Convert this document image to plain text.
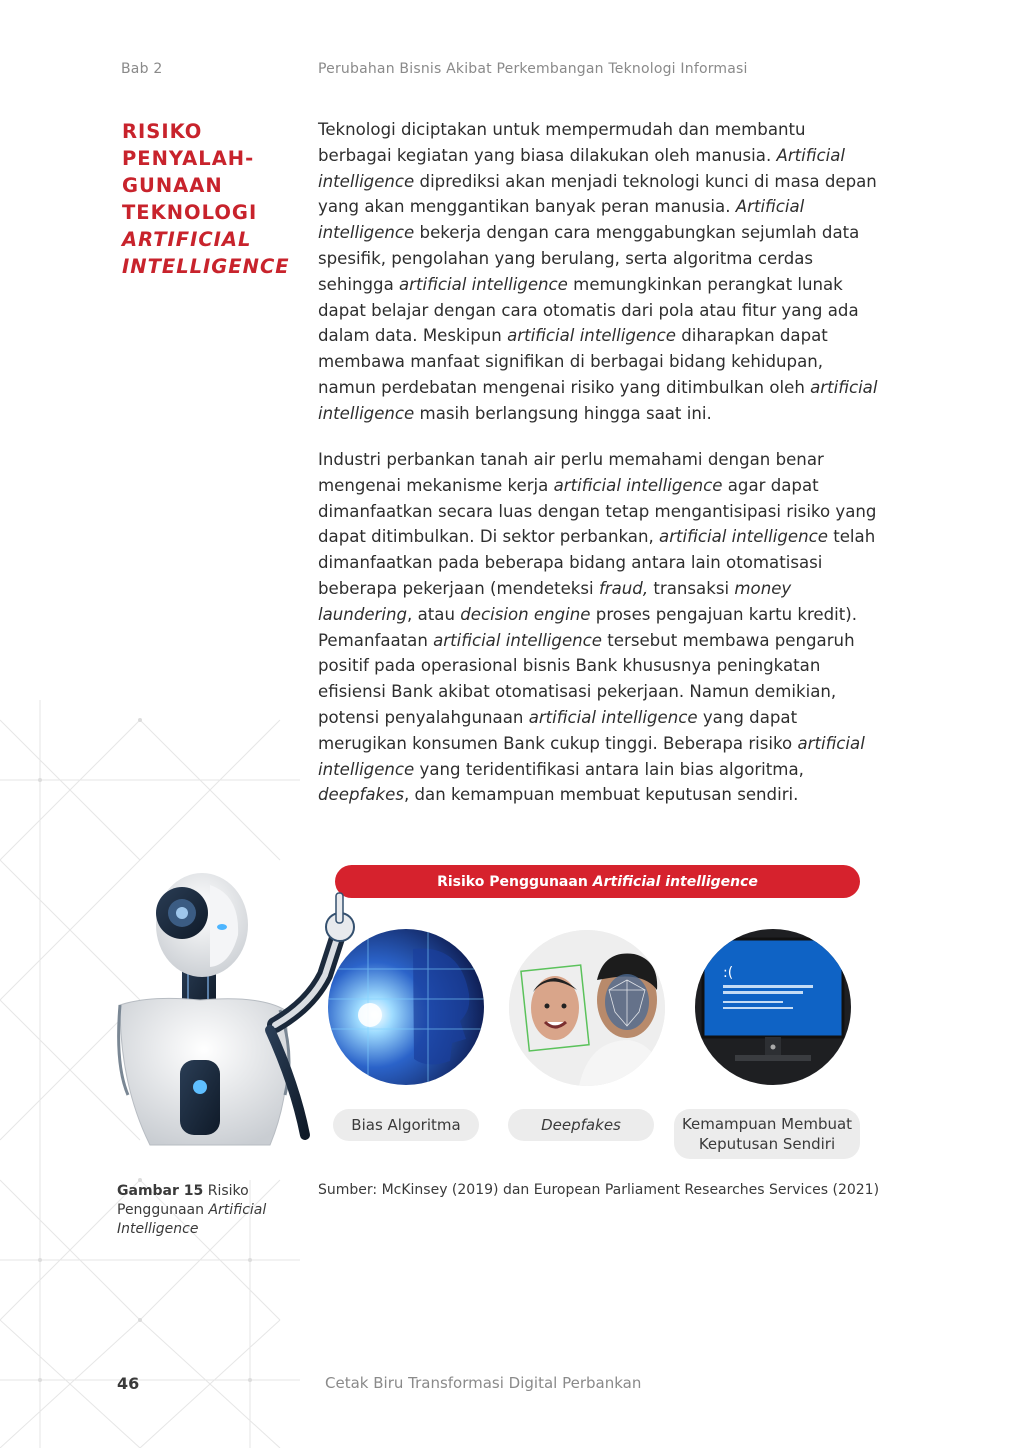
Bab 2	Perubahan Bisnis Akibat Perkembangan Teknologi Informasi
RISIKO
PENYALAH-
GUNAAN
TEKNOLOGI
ARTIFICIAL
INTELLIGENCE

Teknologi diciptakan untuk mempermudah dan membantu berbagai kegiatan yang biasa dilakukan oleh manusia. Artificial intelligence diprediksi akan menjadi teknologi kunci di masa depan yang akan menggantikan banyak peran manusia. Artificial intelligence bekerja dengan cara menggabungkan sejumlah data spesifik, pengolahan yang berulang, serta algoritma cerdas sehingga artificial intelligence memungkinkan perangkat lunak dapat belajar dengan cara otomatis dari pola atau fitur yang ada dalam data. Meskipun artificial intelligence diharapkan dapat membawa manfaat signifikan di berbagai bidang kehidupan, namun perdebatan mengenai risiko yang ditimbulkan oleh artificial intelligence masih berlangsung hingga saat ini.

Industri perbankan tanah air perlu memahami dengan benar mengenai mekanisme kerja artificial intelligence agar dapat dimanfaatkan secara luas dengan tetap mengantisipasi risiko yang dapat ditimbulkan. Di sektor perbankan, artificial intelligence telah dimanfaatkan pada beberapa bidang antara lain otomatisasi beberapa pekerjaan (mendeteksi fraud, transaksi money laundering, atau decision engine proses pengajuan kartu kredit). Pemanfaatan artificial intelligence tersebut membawa pengaruh positif pada operasional bisnis Bank khususnya peningkatan efisiensi Bank akibat otomatisasi pekerjaan. Namun demikian, potensi penyalahgunaan artificial intelligence yang dapat merugikan konsumen Bank cukup tinggi. Beberapa risiko artificial intelligence yang teridentifikasi antara lain bias algoritma, deepfakes, dan kemampuan membuat keputusan sendiri.

Risiko Penggunaan Artificial intelligence
:(
Bias Algoritma	Deepfakes	Kemampuan Membuat
Keputusan Sendiri
Gambar 15 Risiko Penggunaan Artificial Intelligence
Sumber: McKinsey (2019) dan European Parliament Researches Services (2021)
46	Cetak Biru Transformasi Digital Perbankan
